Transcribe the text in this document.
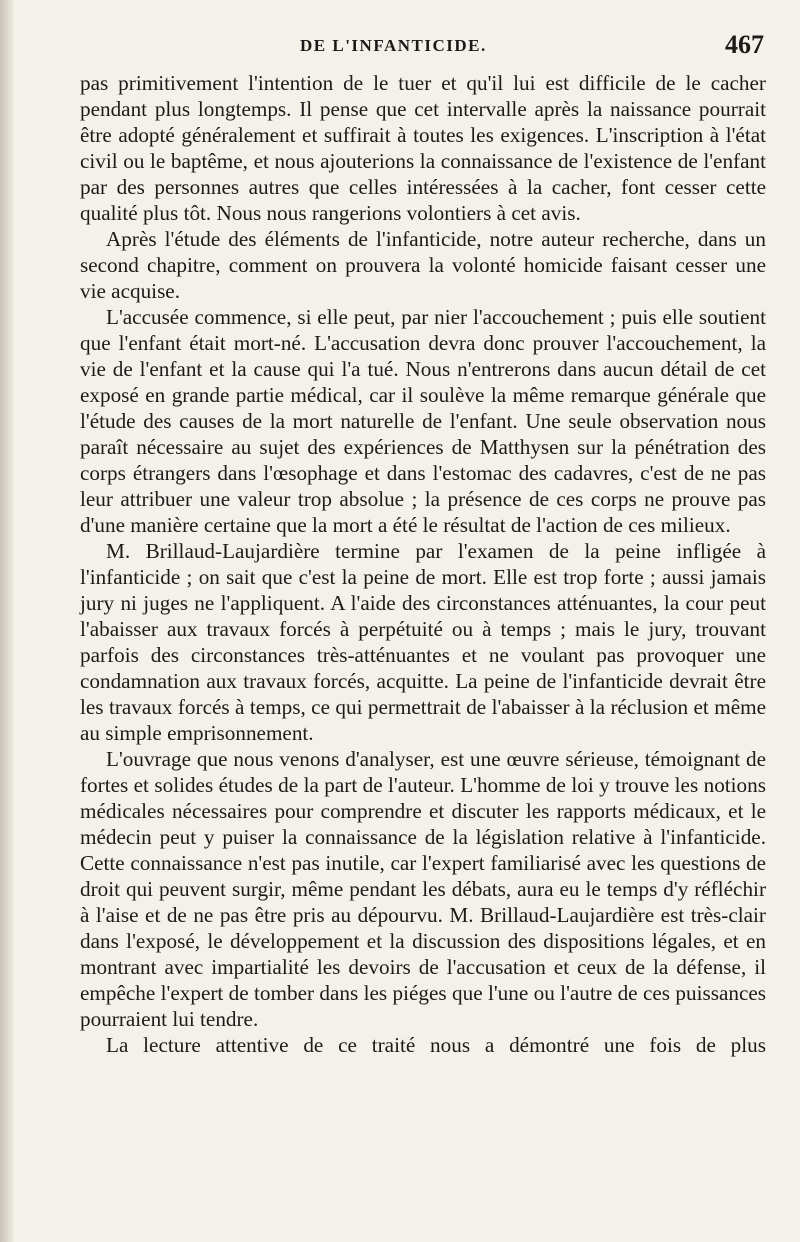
DE L'INFANTICIDE.	467

pas primitivement l'intention de le tuer et qu'il lui est difficile de le cacher pendant plus longtemps. Il pense que cet intervalle après la naissance pourrait être adopté généralement et suffirait à toutes les exigences. L'inscription à l'état civil ou le baptême, et nous ajouterions la connaissance de l'existence de l'enfant par des personnes autres que celles intéressées à la cacher, font cesser cette qualité plus tôt. Nous nous rangerions volontiers à cet avis.

Après l'étude des éléments de l'infanticide, notre auteur recherche, dans un second chapitre, comment on prouvera la volonté homicide faisant cesser une vie acquise.

L'accusée commence, si elle peut, par nier l'accouchement ; puis elle soutient que l'enfant était mort-né. L'accusation devra donc prouver l'accouchement, la vie de l'enfant et la cause qui l'a tué. Nous n'entrerons dans aucun détail de cet exposé en grande partie médical, car il soulève la même remarque générale que l'étude des causes de la mort naturelle de l'enfant. Une seule observation nous paraît nécessaire au sujet des expériences de Matthysen sur la pénétration des corps étrangers dans l'œsophage et dans l'estomac des cadavres, c'est de ne pas leur attribuer une valeur trop absolue ; la présence de ces corps ne prouve pas d'une manière certaine que la mort a été le résultat de l'action de ces milieux.

M. Brillaud-Laujardière termine par l'examen de la peine infligée à l'infanticide ; on sait que c'est la peine de mort. Elle est trop forte ; aussi jamais jury ni juges ne l'appliquent. A l'aide des circonstances atténuantes, la cour peut l'abaisser aux travaux forcés à perpétuité ou à temps ; mais le jury, trouvant parfois des circonstances très-atténuantes et ne voulant pas provoquer une condamnation aux travaux forcés, acquitte. La peine de l'infanticide devrait être les travaux forcés à temps, ce qui permettrait de l'abaisser à la réclusion et même au simple emprisonnement.

L'ouvrage que nous venons d'analyser, est une œuvre sérieuse, témoignant de fortes et solides études de la part de l'auteur. L'homme de loi y trouve les notions médicales nécessaires pour comprendre et discuter les rapports médicaux, et le médecin peut y puiser la connaissance de la législation relative à l'infanticide. Cette connaissance n'est pas inutile, car l'expert familiarisé avec les questions de droit qui peuvent surgir, même pendant les débats, aura eu le temps d'y réfléchir à l'aise et de ne pas être pris au dépourvu. M. Brillaud-Laujardière est très-clair dans l'exposé, le développement et la discussion des dispositions légales, et en montrant avec impartialité les devoirs de l'accusation et ceux de la défense, il empêche l'expert de tomber dans les piéges que l'une ou l'autre de ces puissances pourraient lui tendre.

La lecture attentive de ce traité nous a démontré une fois de plus
